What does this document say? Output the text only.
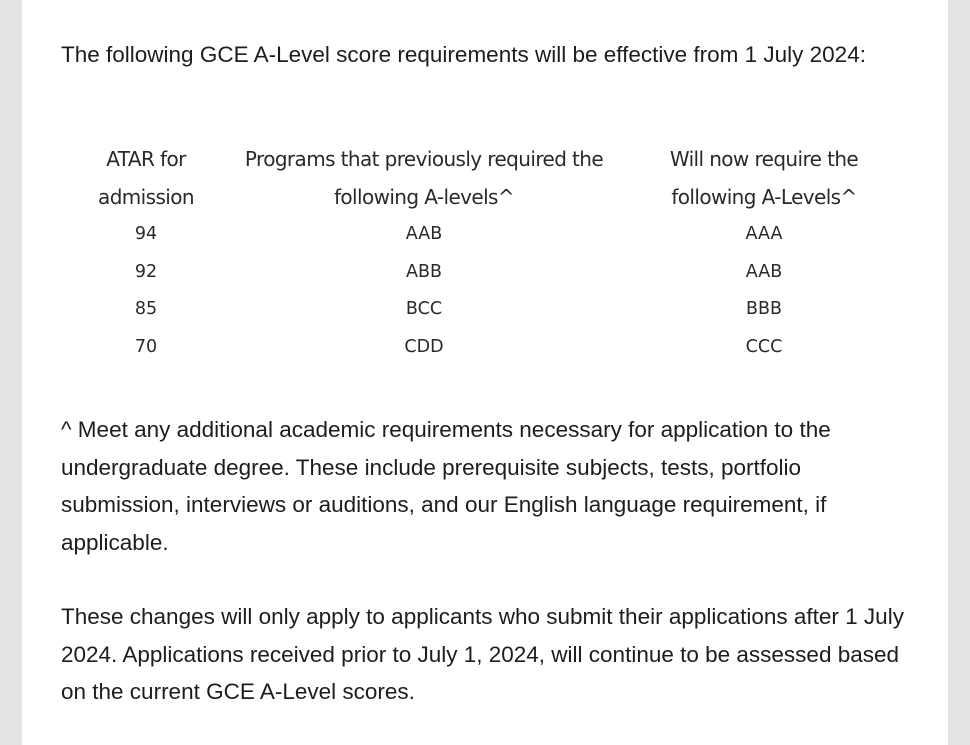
The following GCE A-Level score requirements will be effective from 1 July 2024:

ATAR for admission	Programs that previously required the following A-levels^	Will now require the following A-Levels^
94	AAB	AAA
92	ABB	AAB
85	BCC	BBB
70	CDD	CCC

^ Meet any additional academic requirements necessary for application to the undergraduate degree. These include prerequisite subjects, tests, portfolio submission, interviews or auditions, and our English language requirement, if applicable.

These changes will only apply to applicants who submit their applications after 1 July 2024. Applications received prior to July 1, 2024, will continue to be assessed based on the current GCE A-Level scores.
